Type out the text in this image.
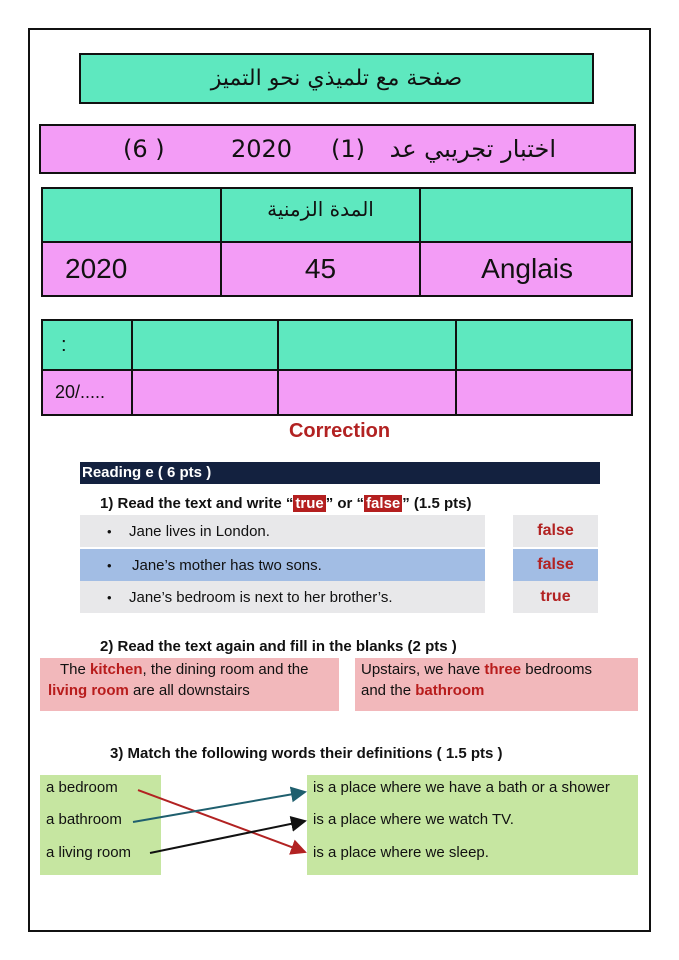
صفحة مع تلميذي نحو التميز
(6 )	2020 (1) اختبار تجريبي عد
	المدة الزمنية	
2020	45	Anglais
:			
20/.....			
Correction
Reading e ( 6 pts )
1) Read the text and write “ true ” or “ false ” (1.5 pts)
• Jane lives in London.	false
• Jane’s mother has two sons.	false
• Jane’s bedroom is next to her brother’s.	true
2) Read the text again and fill in the blanks (2 pts )
The kitchen, the dining room and the
living room are all downstairs
Upstairs, we have three bedrooms
and the bathroom
3) Match the following words their definitions ( 1.5 pts )
a bedroom
a bathroom
a living room
is a place where we have a bath or a shower
is a place where we watch TV.
is a place where we sleep.
